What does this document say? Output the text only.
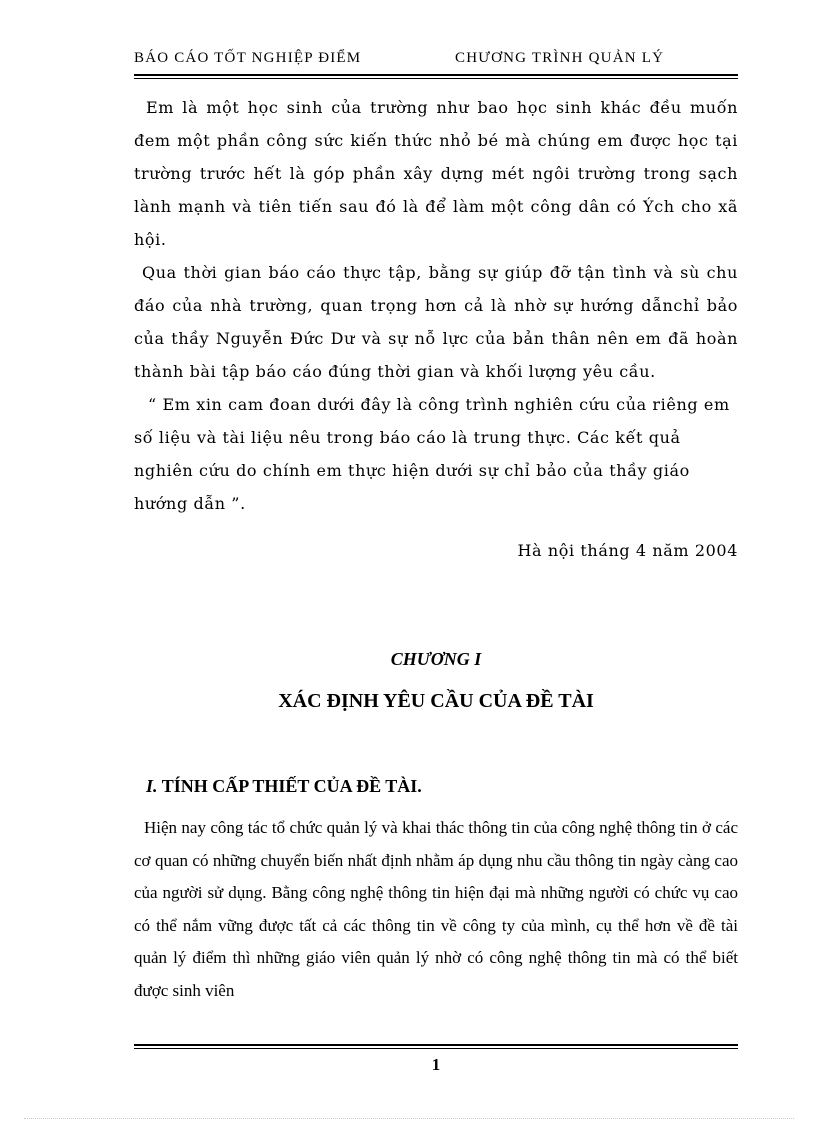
BÁO CÁO TỐT NGHIỆP ĐIỂM	CHƯƠNG TRÌNH QUẢN LÝ

Em là một học sinh của trường như bao học sinh khác đều muốn đem một phần công sức kiến thức nhỏ bé mà chúng em được học tại trường trước hết là góp phần xây dựng mét ngôi trường trong sạch lành mạnh và tiên tiến sau đó là để làm một công dân có Ých cho xã hội.

Qua thời gian báo cáo thực tập, bằng sự giúp đỡ tận tình và sù chu đáo của nhà trường, quan trọng hơn cả là nhờ sự hướng dẫnchỉ bảo của thầy Nguyễn Đức Dư và sự nỗ lực của bản thân nên em đã hoàn thành bài tập báo cáo đúng thời gian và khối lượng yêu cầu.

“ Em xin cam đoan dưới đây là công trình nghiên cứu của riêng em số liệu và tài liệu nêu trong báo cáo là trung thực. Các kết quả nghiên cứu do chính em thực hiện dưới sự chỉ bảo của thầy giáo hướng dẫn ”.

Hà nội tháng 4 năm 2004
CHƯƠNG I
XÁC ĐỊNH YÊU CẦU CỦA ĐỀ TÀI
I. TÍNH CẤP THIẾT CỦA ĐỀ TÀI.

Hiện nay công tác tổ chức quản lý và khai thác thông tin của công nghệ thông tin ở các cơ quan có những chuyển biến nhất định nhằm áp dụng nhu cầu thông tin ngày càng cao của người sử dụng. Bằng công nghệ thông tin hiện đại mà những người có chức vụ cao có thể nắm vững được tất cả các thông tin về công ty của mình, cụ thể hơn về đề tài quản lý điểm thì những giáo viên quản lý nhờ có công nghệ thông tin mà có thể biết được sinh viên

1
